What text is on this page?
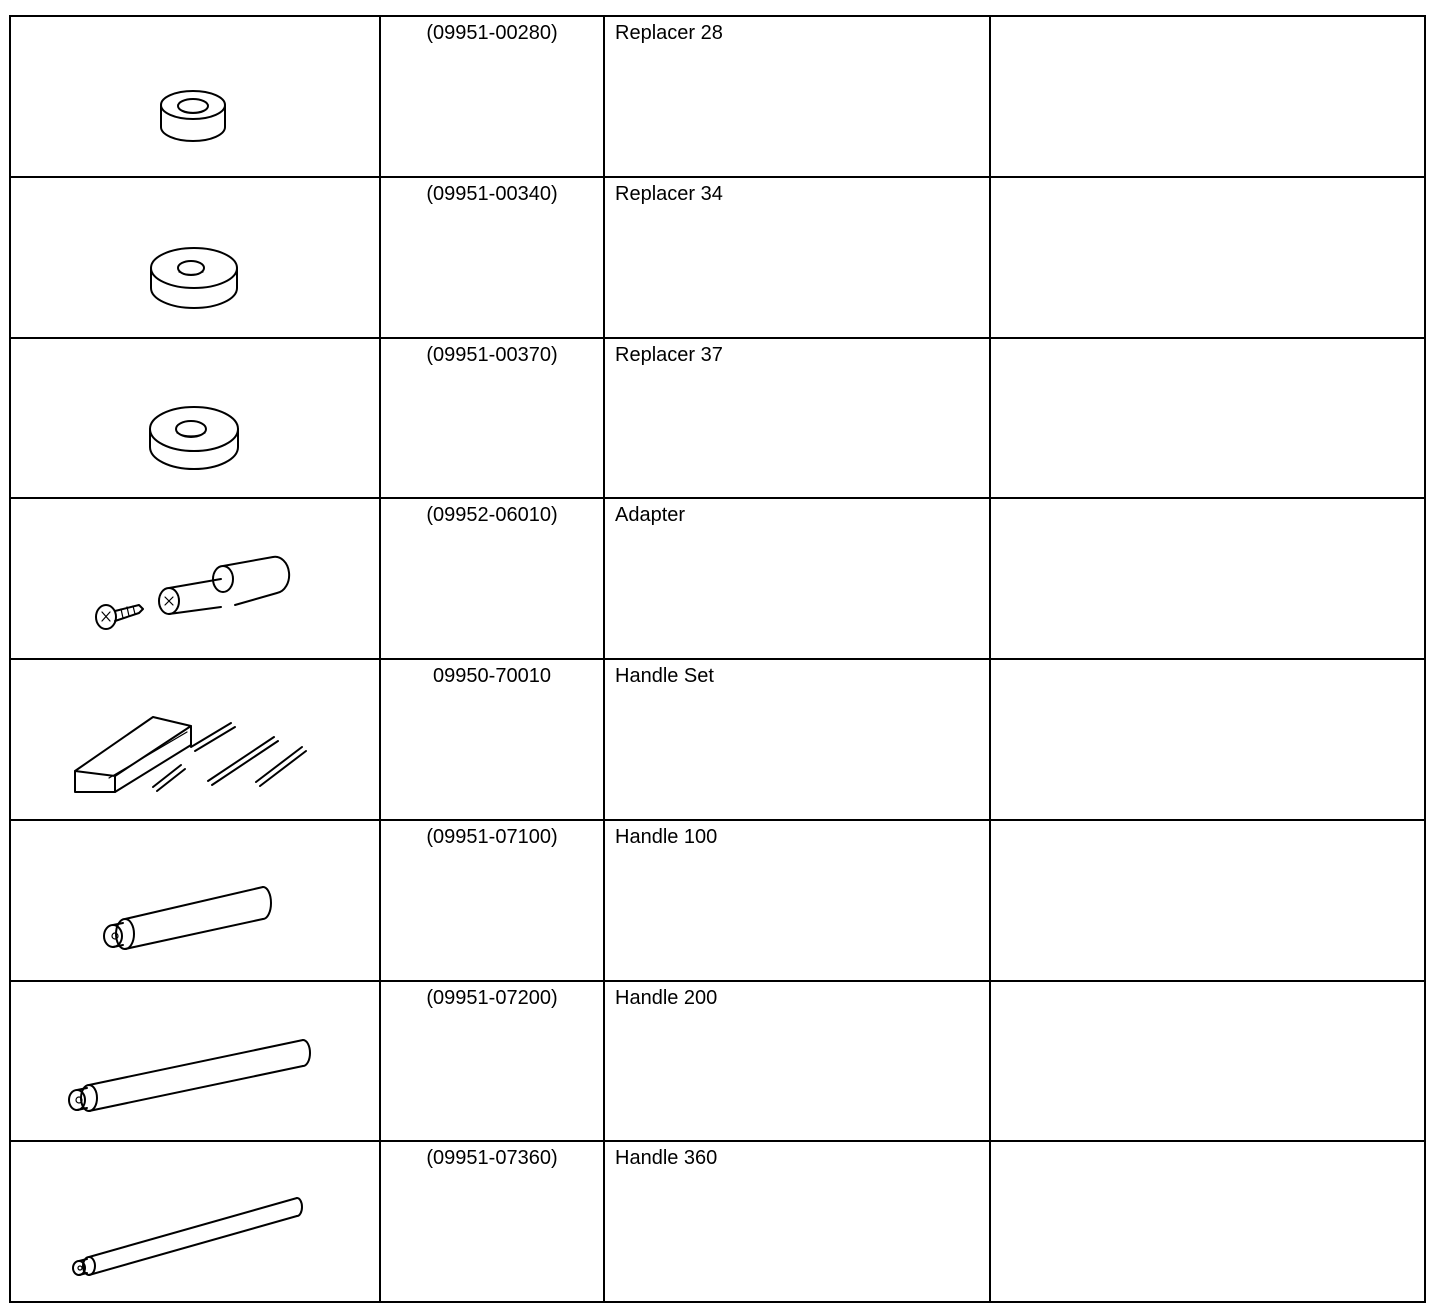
(09951-00280)	Replacer 28	

(09951-00340)	Replacer 34	

(09951-00370)	Replacer 37	

(09952-06010)	Adapter	

09950-70010	Handle Set	

(09951-07100)	Handle 100	

(09951-07200)	Handle 200	

(09951-07360)	Handle 360	
